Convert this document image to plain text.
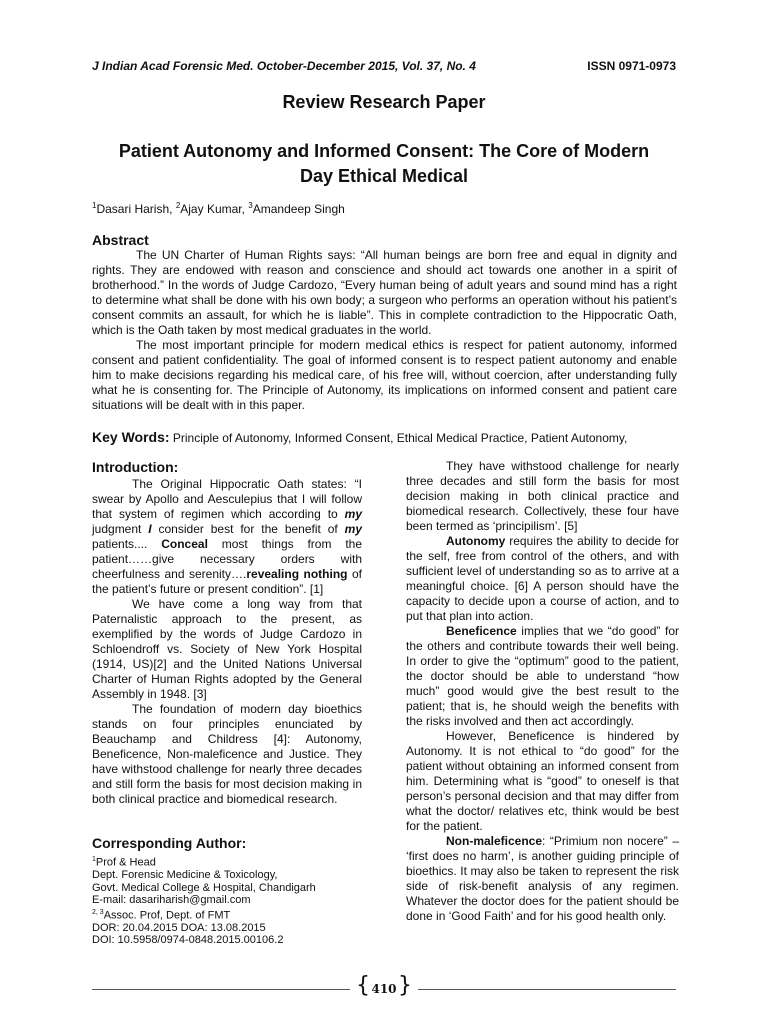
J Indian Acad Forensic Med. October-December 2015, Vol. 37, No. 4	ISSN 0971-0973
Review Research Paper
Patient Autonomy and Informed Consent: The Core of Modern Day Ethical Medical
$^1$Dasari Harish, $^2$Ajay Kumar, $^3$Amandeep Singh
Abstract

The UN Charter of Human Rights says: “All human beings are born free and equal in dignity and rights. They are endowed with reason and conscience and should act towards one another in a spirit of brotherhood.” In the words of Judge Cardozo, “Every human being of adult years and sound mind has a right to determine what shall be done with his own body; a surgeon who performs an operation without his patient’s consent commits an assault, for which he is liable”. This in complete contradiction to the Hippocratic Oath, which is the Oath taken by most medical graduates in the world.

The most important principle for modern medical ethics is respect for patient autonomy, informed consent and patient confidentiality. The goal of informed consent is to respect patient autonomy and enable him to make decisions regarding his medical care, of his free will, without coercion, after understanding fully what he is consenting for. The Principle of Autonomy, its implications on informed consent and patient care situations will be dealt with in this paper.

Key Words: Principle of Autonomy, Informed Consent, Ethical Medical Practice, Patient Autonomy,
Introduction:

The Original Hippocratic Oath states: “I swear by Apollo and Aesculepius that I will follow that system of regimen which according to my judgment I consider best for the benefit of my patients.... Conceal most things from the patient……give necessary orders with cheerfulness and serenity….revealing nothing of the patient’s future or present condition”. [1]

We have come a long way from that Paternalistic approach to the present, as exemplified by the words of Judge Cardozo in Schloendroff vs. Society of New York Hospital (1914, US)[2] and the United Nations Universal Charter of Human Rights adopted by the General Assembly in 1948. [3]

The foundation of modern day bioethics stands on four principles enunciated by Beauchamp and Childress [4]: Autonomy, Beneficence, Non-maleficence and Justice. They have withstood challenge for nearly three decades and still form the basis for most decision making in both clinical practice and biomedical research.

Corresponding Author:
$^1$Prof & Head
Dept. Forensic Medicine & Toxicology,
Govt. Medical College & Hospital, Chandigarh
E-mail: dasariharish@gmail.com
$^{2, 3}$Assoc. Prof, Dept. of FMT
DOR: 20.04.2015 DOA: 13.08.2015
DOI: 10.5958/0974-0848.2015.00106.2

They have withstood challenge for nearly three decades and still form the basis for most decision making in both clinical practice and biomedical research. Collectively, these four have been termed as ‘principilism’. [5]

Autonomy requires the ability to decide for the self, free from control of the others, and with sufficient level of understanding so as to arrive at a meaningful choice. [6] A person should have the capacity to decide upon a course of action, and to put that plan into action.

Beneficence implies that we “do good” for the others and contribute towards their well being. In order to give the “optimum” good to the patient, the doctor should be able to understand “how much” good would give the best result to the patient; that is, he should weigh the benefits with the risks involved and then act accordingly.

However, Beneficence is hindered by Autonomy. It is not ethical to “do good” for the patient without obtaining an informed consent from him. Determining what is “good” to oneself is that person’s personal decision and that may differ from what the doctor/ relatives etc, think would be best for the patient.

Non-maleficence: “Primium non nocere” – ‘first does no harm’, is another guiding principle of bioethics. It may also be taken to represent the risk side of risk-benefit analysis of any regimen. Whatever the doctor does for the patient should be done in ‘Good Faith’ and for his good health only.

{ 410 }
